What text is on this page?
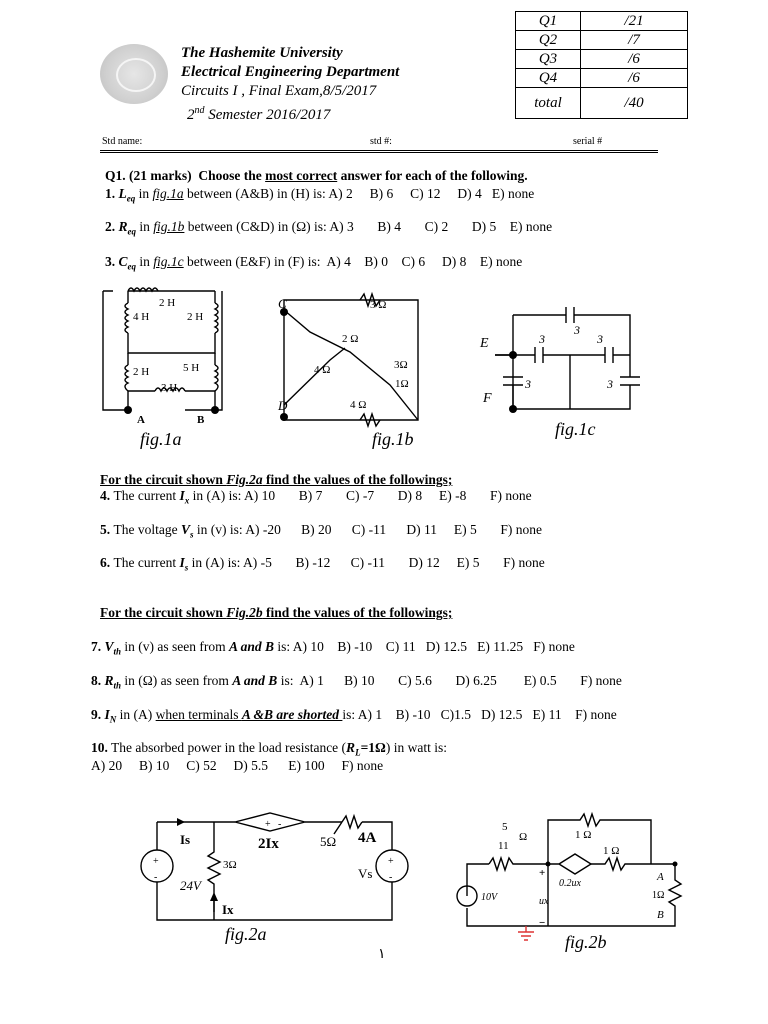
The Hashemite University
Electrical Engineering Department
Circuits I , Final Exam,8/5/2017
2nd Semester 2016/2017
Q1	/21
Q2	/7
Q3	/6
Q4	/6
total	/40
Std name:	std #:	serial #
Q1. (21 marks)  Choose the most correct answer for each of the following.
1. $L_{eq}$ in fig.1a between (A&B) in (H) is: A) 2     B) 6     C) 12     D) 4   E) none
2. $R_{eq}$ in fig.1b between (C&D) in (Ω) is: A) 3       B) 4       C) 2       D) 5    E) none
3. $C_{eq}$ in fig.1c between (E&F) in (F) is:  A) 4    B) 0    C) 6     D) 8    E) none
2 H
4 H	2 H
2 H	5 H
3 H
A	B
fig.1a
C
D
3 Ω
2 Ω
4 Ω	3Ω
1Ω
4 Ω
fig.1b
3
3	3
3	3
E
F
fig.1c
For the circuit shown Fig.2a find the values of the followings;
4. The current $I_x$ in (A) is: A) 10       B) 7       C) -7       D) 8     E) -8       F) none
5. The voltage $V_s$ in (v) is: A) -20      B) 20      C) -11      D) 11     E) 5       F) none
6. The current $I_s$ in (A) is: A) -5       B) -12      C) -11       D) 12     E) 5       F) none
For the circuit shown Fig.2b find the values of the followings;
7. $V_{th}$ in (v) as seen from A and B is: A) 10    B) -10    C) 11   D) 12.5   E) 11.25   F) none
8. $R_{th}$ in (Ω) as seen from A and B is:  A) 1      B) 10       C) 5.6       D) 6.25        E) 0.5       F) none
9. $I_N$ in (A) when terminals A &B are shorted is: A) 1    B) -10   C)1.5   D) 12.5   E) 11    F) none
10. The absorbed power in the load resistance $(R_L=1\Omega)$ in watt is:
A) 20     B) 10     C) 52     D) 5.5      E) 100     F) none
Is	2Ix	5Ω 4A
3Ω
24V
Vs
Ix
+ -
+
-
+
-
fig.2a
5
11
Ω	1 Ω
1 Ω
0.2ux
10V	ux
A
1Ω
B
+
−
fig.2b
١
